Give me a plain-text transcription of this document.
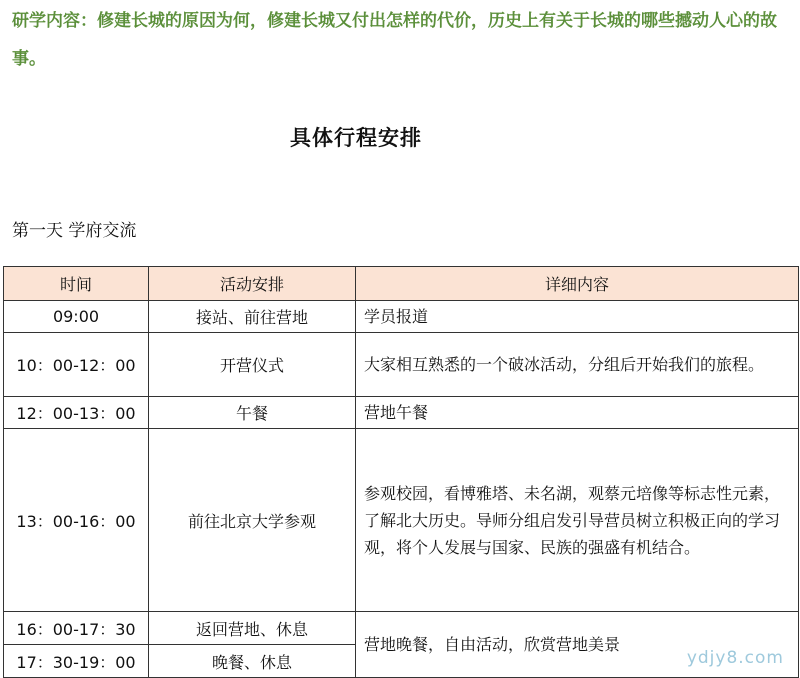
研学内容：修建长城的原因为何，修建长城又付出怎样的代价，历史上有关于长城的哪些撼动人心的故事。
具体行程安排
第一天 学府交流
时间	活动安排	详细内容
09:00	接站、前往营地	学员报道
10：00-12：00	开营仪式	大家相互熟悉的一个破冰活动，分组后开始我们的旅程。
12：00-13：00	午餐	营地午餐
13：00-16：00	前往北京大学参观	参观校园，看博雅塔、未名湖，观蔡元培像等标志性元素，了解北大历史。导师分组启发引导营员树立积极正向的学习观，将个人发展与国家、民族的强盛有机结合。
16：00-17：30	返回营地、休息	营地晚餐，自由活动，欣赏营地美景
17：30-19：00	晚餐、休息		ydjy8.com
